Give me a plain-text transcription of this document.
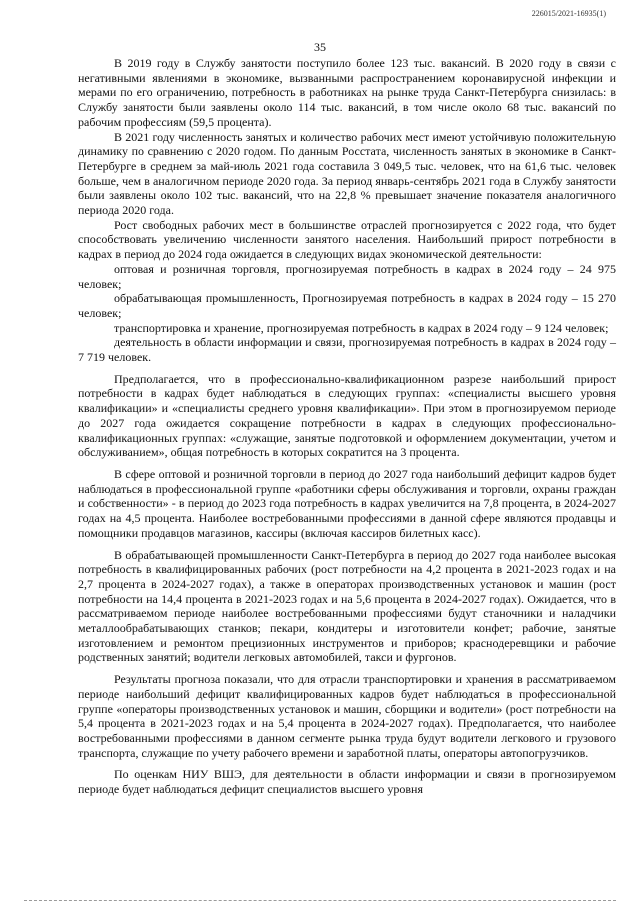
226015/2021-16935(1)
35

В 2019 году в Службу занятости поступило более 123 тыс. вакансий. В 2020 году в связи с негативными явлениями в экономике, вызванными распространением коронавирусной инфекции и мерами по его ограничению, потребность в работниках на рынке труда Санкт-Петербурга снизилась: в Службу занятости были заявлены около 114 тыс. вакансий, в том числе около 68 тыс. вакансий по рабочим профессиям (59,5 процента).

В 2021 году численность занятых и количество рабочих мест имеют устойчивую положительную динамику по сравнению с 2020 годом. По данным Росстата, численность занятых в экономике в Санкт-Петербурге в среднем за май-июль 2021 года составила 3 049,5 тыс. человек, что на 61,6 тыс. человек больше, чем в аналогичном периоде 2020 года. За период январь-сентябрь 2021 года в Службу занятости были заявлены около 102 тыс. вакансий, что на 22,8 % превышает значение показателя аналогичного периода 2020 года.

Рост свободных рабочих мест в большинстве отраслей прогнозируется с 2022 года, что будет способствовать увеличению численности занятого населения. Наибольший прирост потребности в кадрах в период до 2024 года ожидается в следующих видах экономической деятельности:

оптовая и розничная торговля, прогнозируемая потребность в кадрах в 2024 году – 24 975 человек;

обрабатывающая промышленность, Прогнозируемая потребность в кадрах в 2024 году – 15 270 человек;

транспортировка и хранение, прогнозируемая потребность в кадрах в 2024 году – 9 124 человек;

деятельность в области информации и связи, прогнозируемая потребность в кадрах в 2024 году – 7 719 человек.

Предполагается, что в профессионально-квалификационном разрезе наибольший прирост потребности в кадрах будет наблюдаться в следующих группах: «специалисты высшего уровня квалификации» и «специалисты среднего уровня квалификации». При этом в прогнозируемом периоде до 2027 года ожидается сокращение потребности в кадрах в следующих профессионально-квалификационных группах: «служащие, занятые подготовкой и оформлением документации, учетом и обслуживанием», общая потребность в которых сократится на 3 процента.

В сфере оптовой и розничной торговли в период до 2027 года наибольший дефицит кадров будет наблюдаться в профессиональной группе «работники сферы обслуживания и торговли, охраны граждан и собственности» - в период до 2023 года потребность в кадрах увеличится на 7,8 процента, в 2024-2027 годах на 4,5 процента. Наиболее востребованными профессиями в данной сфере являются продавцы и помощники продавцов магазинов, кассиры (включая кассиров билетных касс).

В обрабатывающей промышленности Санкт-Петербурга в период до 2027 года наиболее высокая потребность в квалифицированных рабочих (рост потребности на 4,2 процента в 2021-2023 годах и на 2,7 процента в 2024-2027 годах), а также в операторах производственных установок и машин (рост потребности на 14,4 процента в 2021-2023 годах и на 5,6 процента в 2024-2027 годах). Ожидается, что в рассматриваемом периоде наиболее востребованными профессиями будут станочники и наладчики металлообрабатывающих станков; пекари, кондитеры и изготовители конфет; рабочие, занятые изготовлением и ремонтом прецизионных инструментов и приборов; краснодеревщики и рабочие родственных занятий; водители легковых автомобилей, такси и фургонов.

Результаты прогноза показали, что для отрасли транспортировки и хранения в рассматриваемом периоде наибольший дефицит квалифицированных кадров будет наблюдаться в профессиональной группе «операторы производственных установок и машин, сборщики и водители» (рост потребности на 5,4 процента в 2021-2023 годах и на 5,4 процента в 2024-2027 годах). Предполагается, что наиболее востребованными профессиями в данном сегменте рынка труда будут водители легкового и грузового транспорта, служащие по учету рабочего времени и заработной платы, операторы автопогрузчиков.

По оценкам НИУ ВШЭ, для деятельности в области информации и связи в прогнозируемом периоде будет наблюдаться дефицит специалистов высшего уровня
